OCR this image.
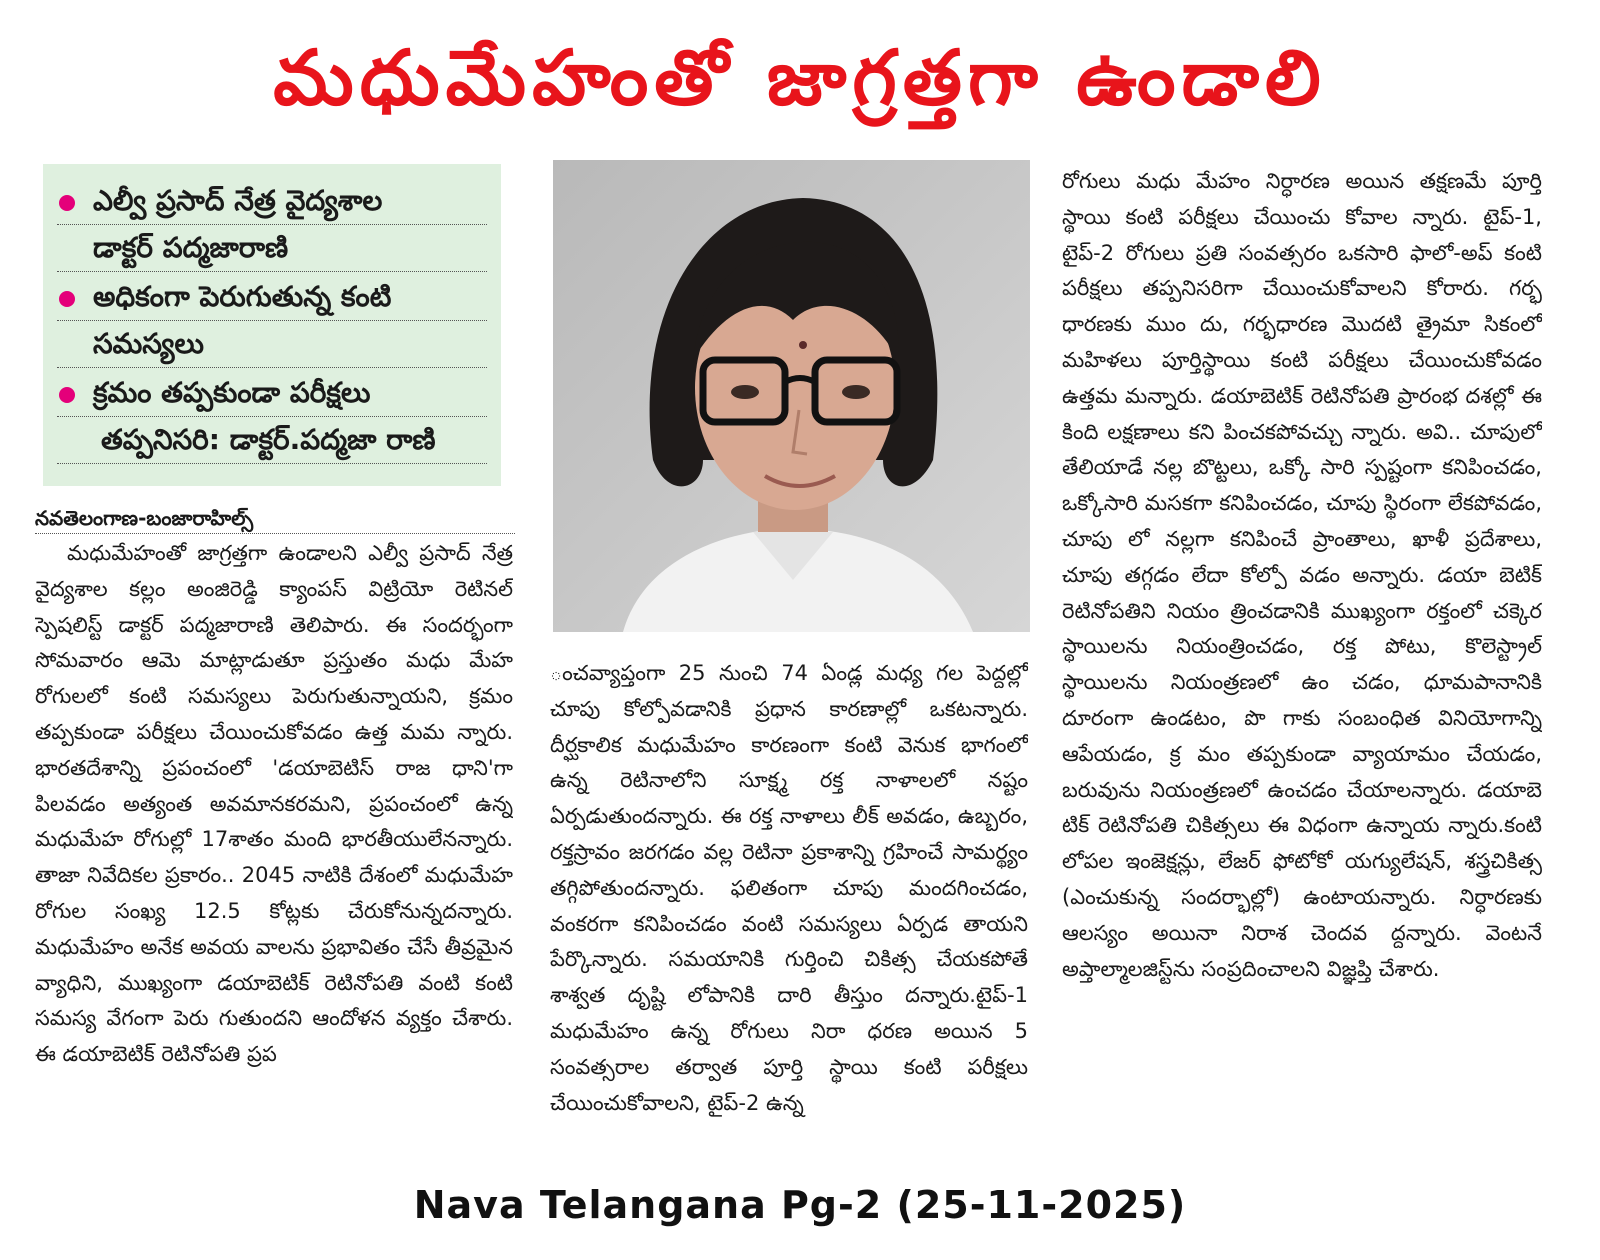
మధుమేహంతో జాగ్రత్తగా ఉండాలి
ఎల్వీ ప్రసాద్ నేత్ర వైద్యశాల
డాక్టర్ పద్మజారాణి
అధికంగా పెరుగుతున్న కంటి
సమస్యలు
క్రమం తప్పకుండా పరీక్షలు
తప్పనిసరి: డాక్టర్.పద్మజా రాణి
నవతెలంగాణ-బంజారాహిల్స్

మధుమేహంతో జాగ్రత్తగా ఉండాలని ఎల్వీ ప్రసాద్ నేత్ర వైద్యశాల కల్లం అంజిరెడ్డి క్యాంపస్ విట్రియో రెటినల్ స్పెషలిస్ట్ డాక్టర్ పద్మజారాణి తెలిపారు. ఈ సందర్భంగా సోమవారం ఆమె మాట్లాడుతూ ప్రస్తుతం మధు మేహ రోగులలో కంటి సమస్యలు పెరుగుతున్నాయని, క్రమం తప్పకుండా పరీక్షలు చేయించుకోవడం ఉత్త మమ న్నారు. భారతదేశాన్ని ప్రపంచంలో 'డయాబెటిస్ రాజ ధాని'గా పిలవడం అత్యంత అవమానకరమని, ప్రపంచంలో ఉన్న మధుమేహ రోగుల్లో 17శాతం మంది భారతీయులేనన్నారు. తాజా నివేదికల ప్రకారం.. 2045 నాటికి దేశంలో మధుమేహ రోగుల సంఖ్య 12.5 కోట్లకు చేరుకోనున్నదన్నారు. మధుమేహం అనేక అవయ వాలను ప్రభావితం చేసే తీవ్రమైన వ్యాధిని, ముఖ్యంగా డయాబెటిక్ రెటినోపతి వంటి కంటి సమస్య వేగంగా పెరు గుతుందని ఆందోళన వ్యక్తం చేశారు. ఈ డయాబెటిక్ రెటినోపతి ప్రప

ంచవ్యాప్తంగా 25 నుంచి 74 ఏండ్ల మధ్య గల పెద్దల్లో చూపు కోల్పోవడానికి ప్రధాన కారణాల్లో ఒకటన్నారు. దీర్ఘకాలిక మధుమేహం కారణంగా కంటి వెనుక భాగంలో ఉన్న రెటినాలోని సూక్ష్మ రక్త నాళాలలో నష్టం ఏర్పడుతుందన్నారు. ఈ రక్త నాళాలు లీక్ అవడం, ఉబ్బరం, రక్తస్రావం జరగడం వల్ల రెటినా ప్రకాశాన్ని గ్రహించే సామర్థ్యం తగ్గిపోతుందన్నారు. ఫలితంగా చూపు మందగించడం, వంకరగా కనిపించడం వంటి సమస్యలు ఏర్పడ తాయని పేర్కొన్నారు. సమయానికి గుర్తించి చికిత్స చేయకపోతే శాశ్వత దృష్టి లోపానికి దారి తీస్తుం దన్నారు.టైప్-1 మధుమేహం ఉన్న రోగులు నిరా ధరణ అయిన 5 సంవత్సరాల తర్వాత పూర్తి స్థాయి కంటి పరీక్షలు చేయించుకోవాలని, టైప్-2 ఉన్న

రోగులు మధు మేహం నిర్ధారణ అయిన తక్షణమే పూర్తి స్థాయి కంటి పరీక్షలు చేయించు కోవాల న్నారు. టైప్-1, టైప్-2 రోగులు ప్రతి సంవత్సరం ఒకసారి ఫాలో-అప్ కంటి పరీక్షలు తప్పనిసరిగా చేయించుకోవాలని కోరారు. గర్భ ధారణకు ముం దు, గర్భధారణ మొదటి త్రైమా సికంలో మహిళలు పూర్తిస్థాయి కంటి పరీక్షలు చేయించుకోవడం ఉత్తమ మన్నారు. డయాబెటిక్ రెటినోపతి ప్రారంభ దశల్లో ఈ కింది లక్షణాలు కని పించకపోవచ్చు న్నారు. అవి.. చూపులో తేలియాడే నల్ల బొట్టలు, ఒక్కో సారి స్పష్టంగా కనిపించడం, ఒక్కోసారి మసకగా కనిపించడం, చూపు స్థిరంగా లేకపోవడం, చూపు లో నల్లగా కనిపించే ప్రాంతాలు, ఖాళీ ప్రదేశాలు, చూపు తగ్గడం లేదా కోల్పో వడం అన్నారు. డయా బెటిక్ రెటినోపతిని నియం త్రించడానికి ముఖ్యంగా రక్తంలో చక్కెర స్థాయిలను నియంత్రించడం, రక్త పోటు, కొలెస్ట్రాల్ స్థాయిలను నియంత్రణలో ఉం చడం, ధూమపానానికి దూరంగా ఉండటం, పొ గాకు సంబంధిత వినియోగాన్ని ఆపేయడం, క్ర మం తప్పకుండా వ్యాయామం చేయడం, బరువును నియంత్రణలో ఉంచడం చేయాలన్నారు. డయాబె టిక్ రెటినోపతి చికిత్సలు ఈ విధంగా ఉన్నాయ న్నారు.కంటి లోపల ఇంజెక్షన్లు, లేజర్ ఫోటోకో యగ్యులేషన్, శస్త్రచికిత్స (ఎంచుకున్న సందర్భాల్లో) ఉంటాయన్నారు. నిర్ధారణకు ఆలస్యం అయినా నిరాశ చెందవ ద్దన్నారు. వెంటనే అప్తాల్మాలజిస్ట్‌ను సంప్రదించాలని విజ్ఞప్తి చేశారు.

Nava Telangana Pg-2 (25-11-2025)
